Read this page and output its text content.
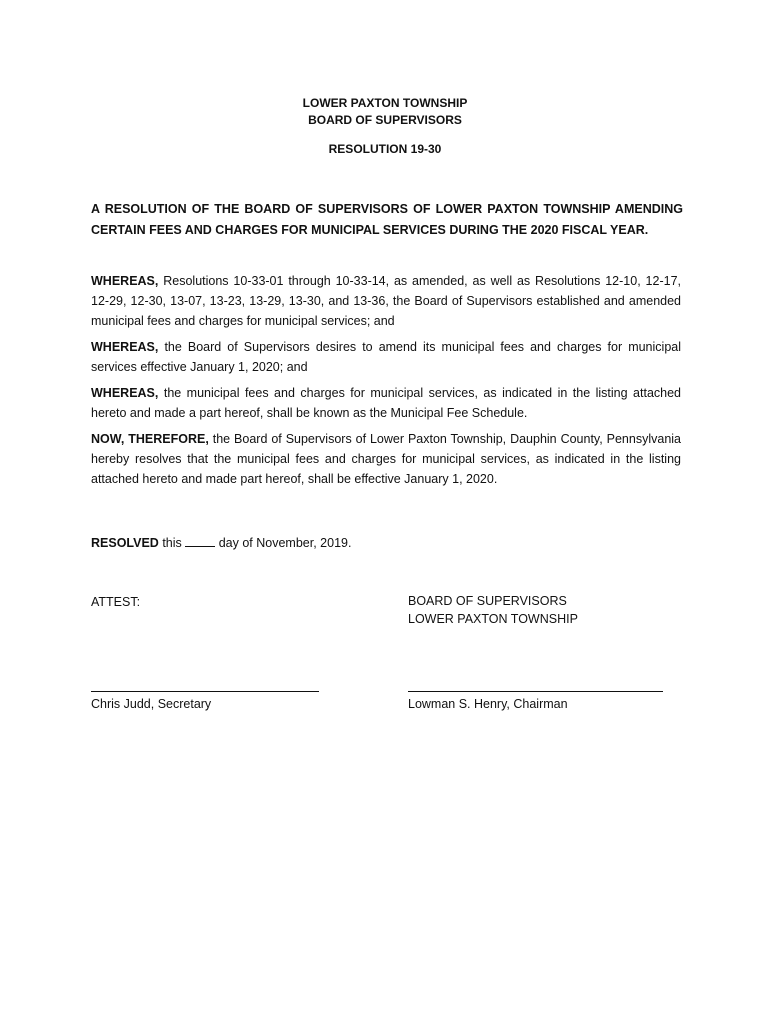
LOWER PAXTON TOWNSHIP
BOARD OF SUPERVISORS
RESOLUTION 19-30
A RESOLUTION OF THE BOARD OF SUPERVISORS OF LOWER PAXTON TOWNSHIP AMENDING CERTAIN FEES AND CHARGES FOR MUNICIPAL SERVICES DURING THE 2020 FISCAL YEAR.

WHEREAS, Resolutions 10-33-01 through 10-33-14, as amended, as well as Resolutions 12-10, 12-17, 12-29, 12-30, 13-07, 13-23, 13-29, 13-30, and 13-36, the Board of Supervisors established and amended municipal fees and charges for municipal services; and

WHEREAS, the Board of Supervisors desires to amend its municipal fees and charges for municipal services effective January 1, 2020; and

WHEREAS, the municipal fees and charges for municipal services, as indicated in the listing attached hereto and made a part hereof, shall be known as the Municipal Fee Schedule.

NOW, THEREFORE, the Board of Supervisors of Lower Paxton Township, Dauphin County, Pennsylvania hereby resolves that the municipal fees and charges for municipal services, as indicated in the listing attached hereto and made part hereof, shall be effective January 1, 2020.

RESOLVED this  day of November, 2019.
ATTEST:	BOARD OF SUPERVISORS
LOWER PAXTON TOWNSHIP
Chris Judd, Secretary	Lowman S. Henry, Chairman
